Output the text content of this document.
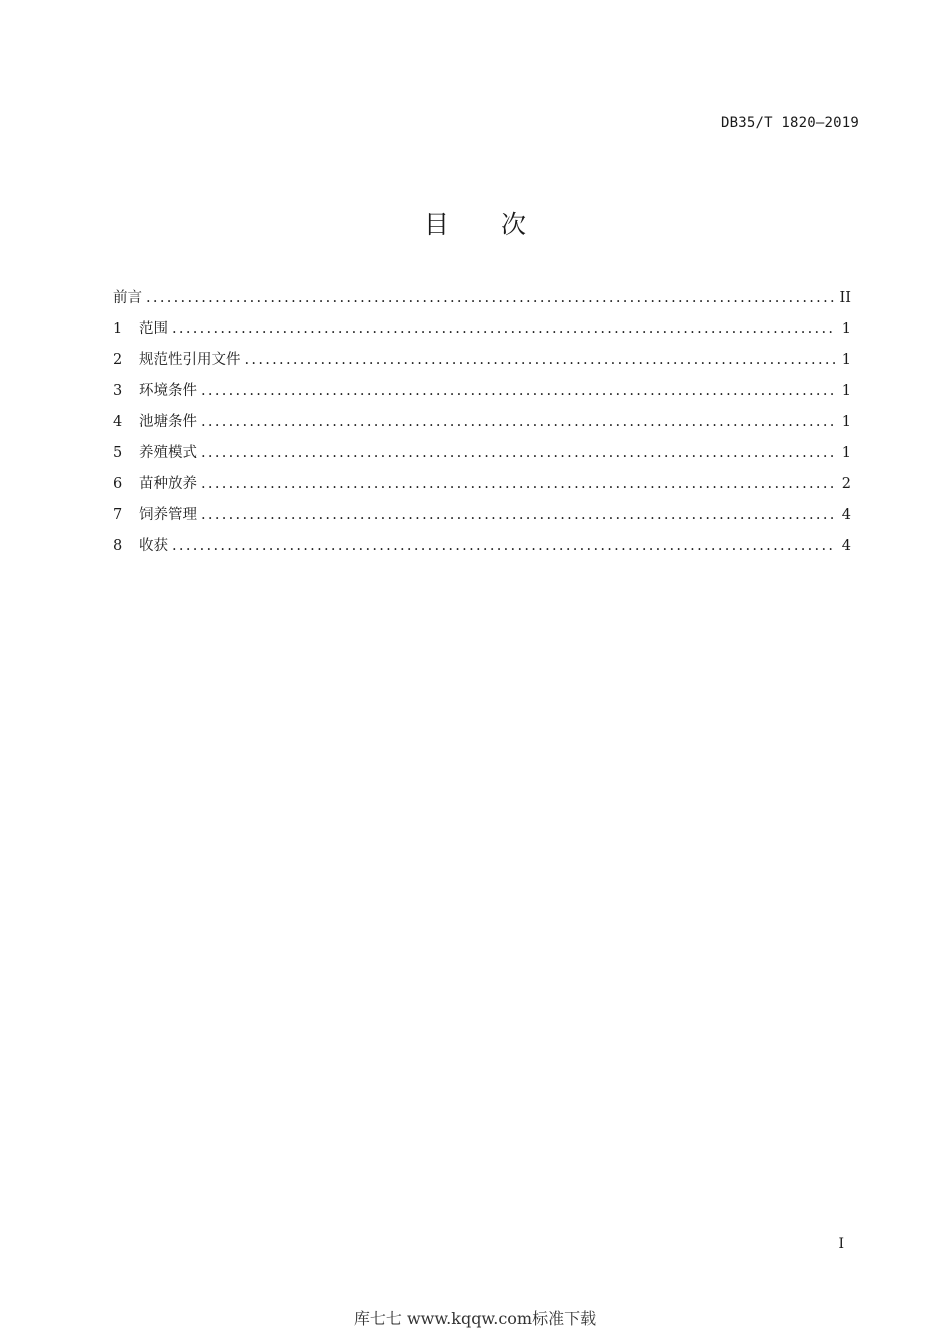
DB35/T 1820—2019
目 次
前言 .....	II
1	范围 .....	1
2	规范性引用文件 .....	1
3	环境条件 .....	1
4	池塘条件 .....	1
5	养殖模式 .....	1
6	苗种放养 .....	2
7	饲养管理 .....	4
8	收获 .....	4
I
库七七 www.kqqw.com标准下载
